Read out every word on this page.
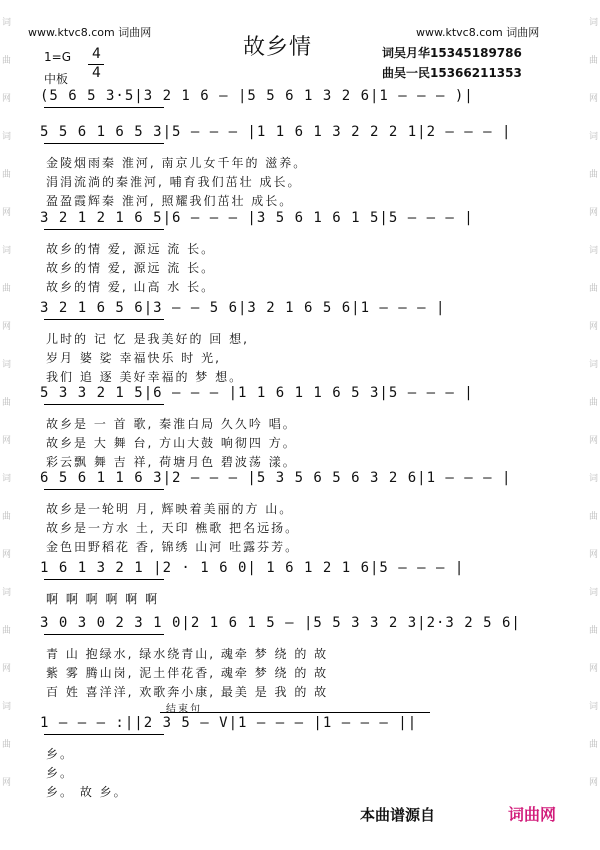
词
曲
网
词
曲
网
词
曲
网
词
曲
网
词
曲
网
词
曲
网
词
曲
网
词
曲
网
词
曲
网
词
曲
网
词
曲
网
词
曲
网
词
曲
网
词
曲
网
www.ktvc8.com 词曲网
故乡情
www.ktvc8.com 词曲网
词吴月华15345189786
曲吴一民15366211353
1=G 4
4
中板
(5 6 5 3·5|3 2 1 6 — |5 5 6 1 3 2 6|1 — — — )|
5 5 6 1 6 5 3|5 — — — |1 1 6 1 3 2 2 2 1|2 — — — |
金陵烟雨秦 淮河, 南京儿女千年的 滋养。
涓涓流淌的秦淮河, 哺育我们茁壮 成长。
盈盈霞辉秦 淮河, 照耀我们茁壮 成长。
3 2 1 2 1 6 5|6 — — — |3 5 6 1 6 1 5|5 — — — |
故乡的情 爱, 源远 流 长。
故乡的情 爱, 源远 流 长。
故乡的情 爱, 山高 水 长。
3 2 1 6 5 6|3 — — 5 6|3 2 1 6 5 6|1 — — — |
儿时的 记 忆 是我美好的 回 想,
岁月 婆 娑 幸福快乐 时 光,
我们 追 逐 美好幸福的 梦 想。
5 3 3 2 1 5|6 — — — |1 1 6 1 1 6 5 3|5 — — — |
故乡是 一 首 歌, 秦淮白局 久久吟 唱。
故乡是 大 舞 台, 方山大鼓 响彻四 方。
彩云飘 舞 吉 祥, 荷塘月色 碧波荡 漾。
6 5 6 1 1 6 3|2 — — — |5 3 5 6 5 6 3 2 6|1 — — — |
故乡是一轮明 月, 辉映着美丽的方 山。
故乡是一方水 土, 天印 樵歌 把名远扬。
金色田野稻花 香, 锦绣 山河 吐露芬芳。
1 6 1 3 2 1 |2 · 1 6 0| 1 6 1 2 1 6|5 — — — |
啊 啊 啊 啊 啊 啊
3 0 3 0 2 3 1 0|2 1 6 1 5 — |5 5 3 3 2 3|2·3 2 5 6|
青 山 抱绿水, 绿水绕青山, 魂牵 梦 绕 的 故
紫 雾 腾山岗, 泥土伴花香, 魂牵 梦 绕 的 故
百 姓 喜洋洋, 欢歌奔小康, 最美 是 我 的 故
1 — — — :||2 3 5 — V|1 — — — |1 — — — ||
乡。
乡。
乡。 故 乡。
结束句
本曲谱源自	词曲网
